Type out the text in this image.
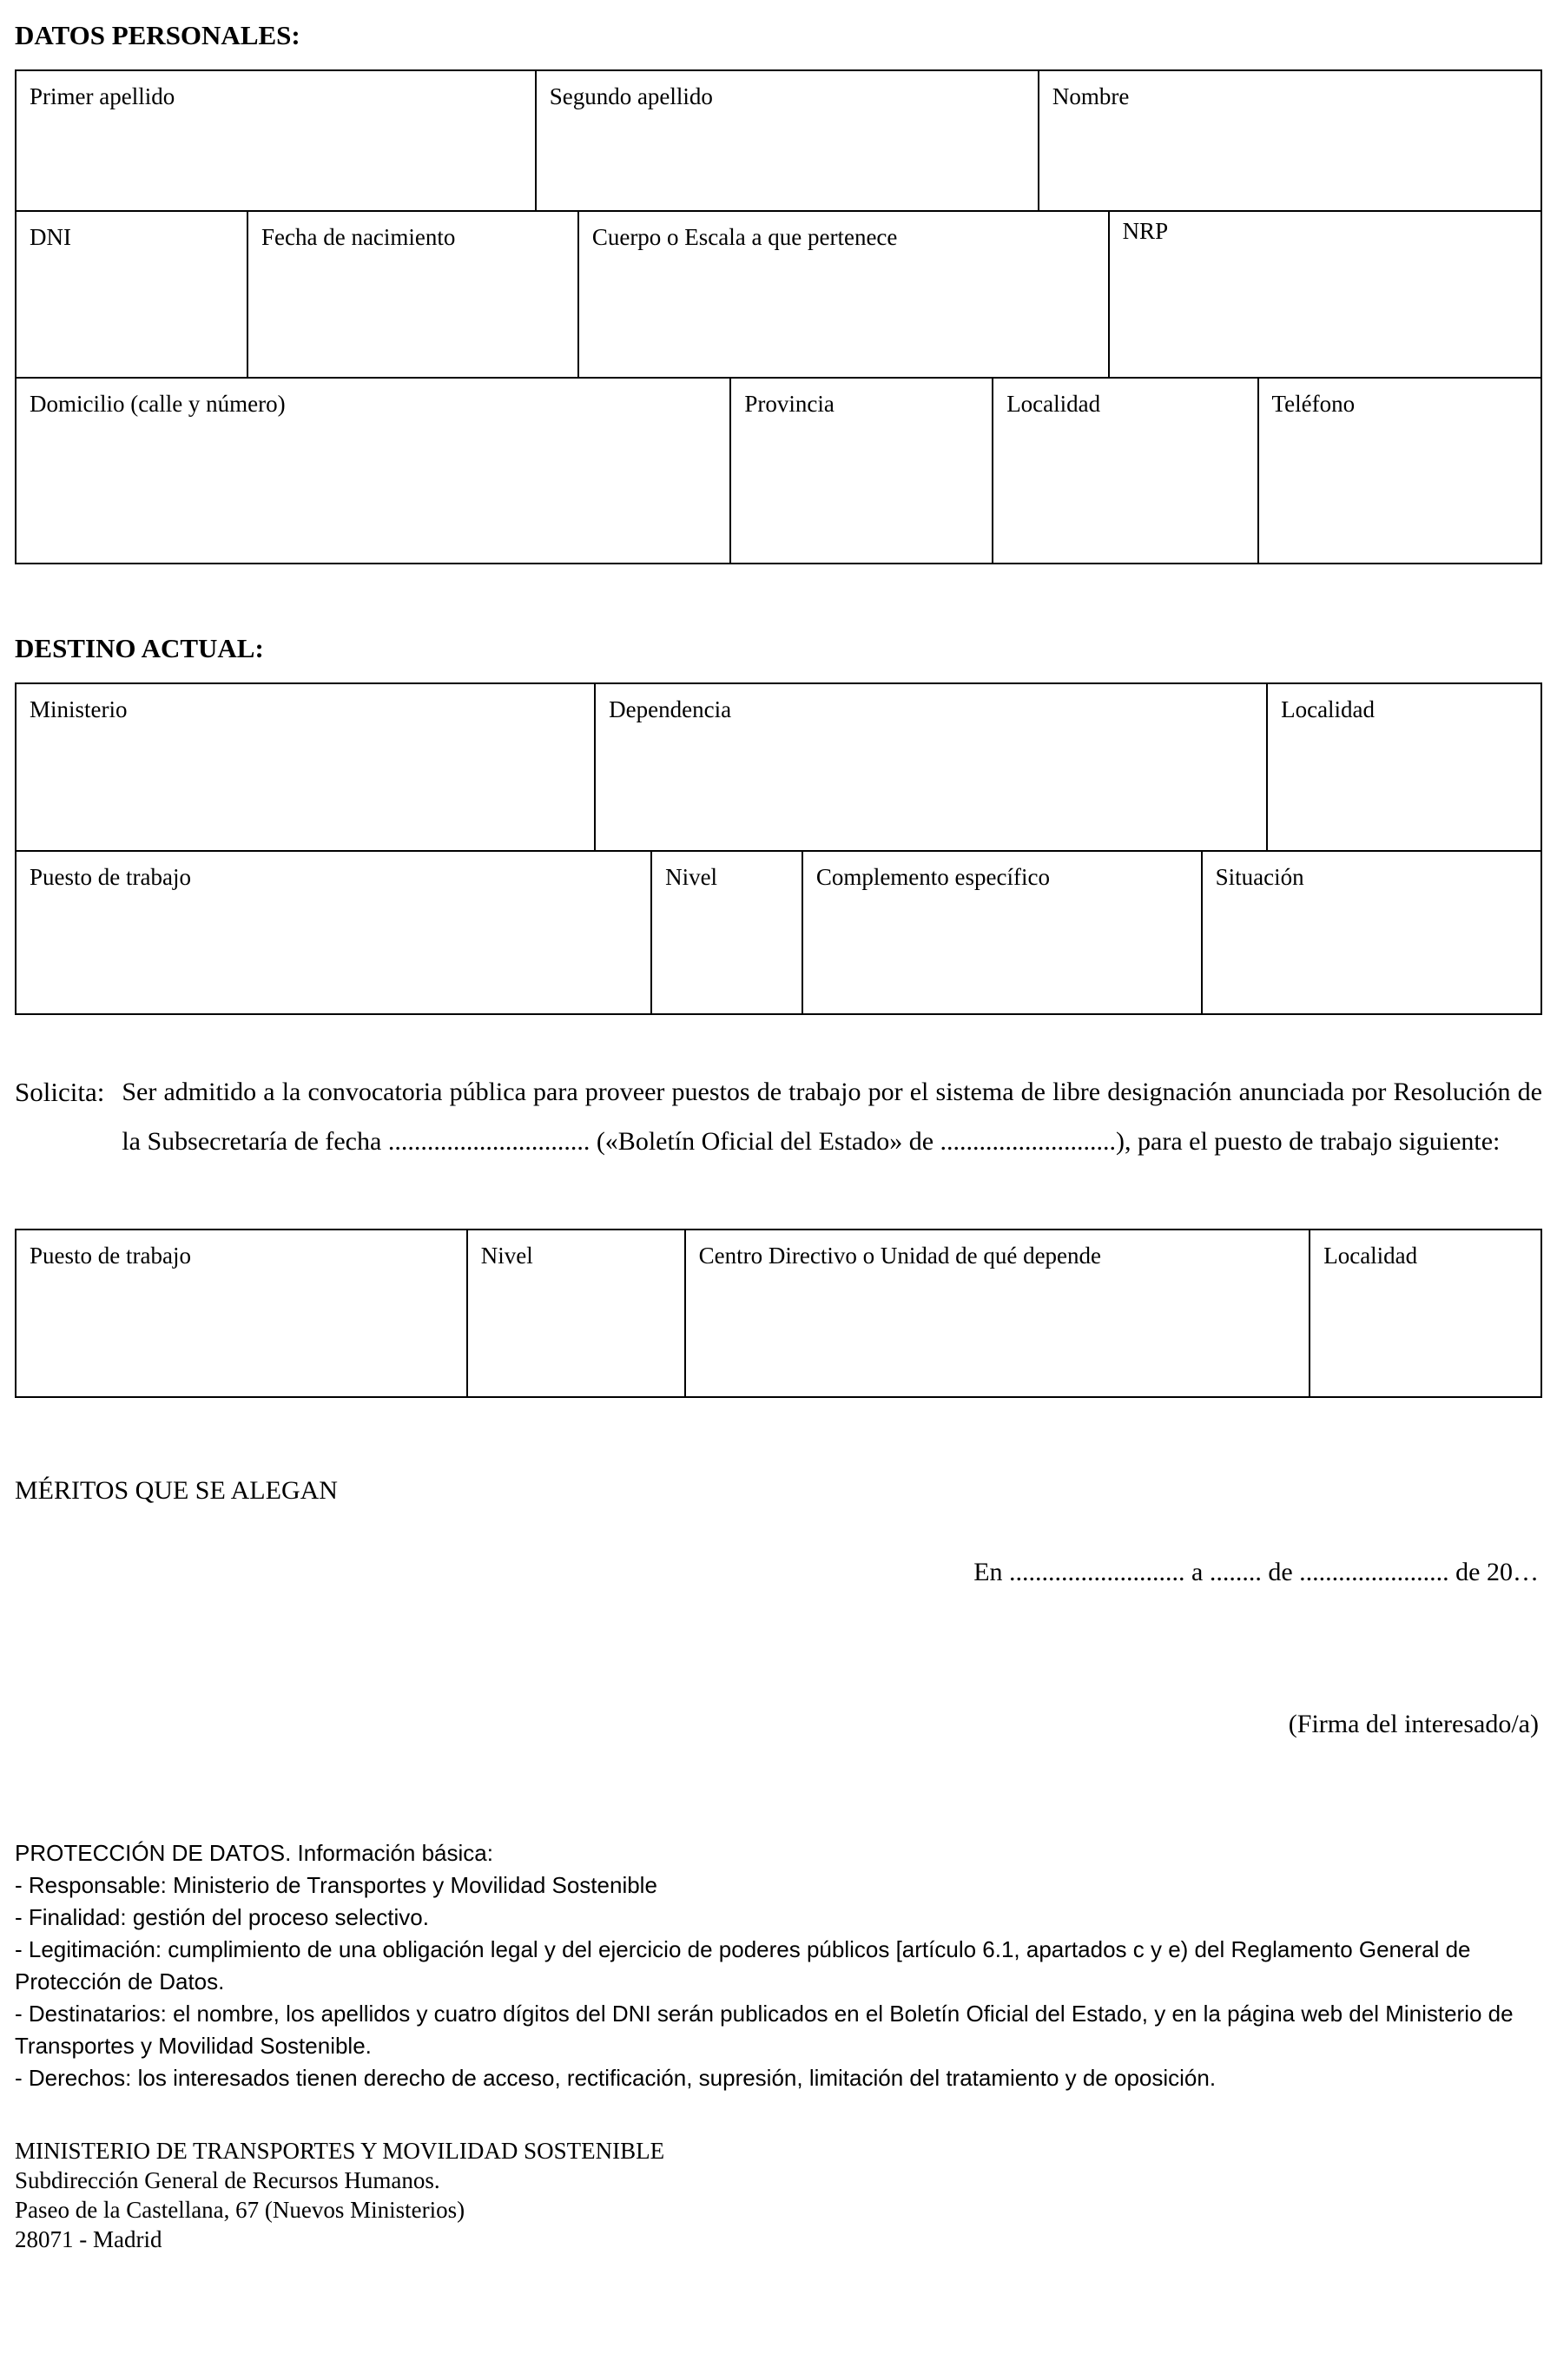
DATOS PERSONALES:
Primer apellido	Segundo apellido	Nombre
DNI	Fecha de nacimiento	Cuerpo o Escala a que pertenece	NRP
Domicilio (calle y número)	Provincia	Localidad	Teléfono
DESTINO ACTUAL:
Ministerio	Dependencia	Localidad
Puesto de trabajo	Nivel	Complemento específico	Situación
Solicita: Ser admitido a la convocatoria pública para proveer puestos de trabajo por el sistema de libre designación anunciada por Resolución de la Subsecretaría de fecha ............................... («Boletín Oficial del Estado» de ...........................), para el puesto de trabajo siguiente:

Puesto de trabajo	Nivel	Centro Directivo o Unidad de qué depende	Localidad
MÉRITOS QUE SE ALEGAN
En ........................... a ........ de ....................... de 20…
(Firma del interesado/a)
PROTECCIÓN DE DATOS. Información básica:
- Responsable: Ministerio de Transportes y Movilidad Sostenible
- Finalidad: gestión del proceso selectivo.
- Legitimación: cumplimiento de una obligación legal y del ejercicio de poderes públicos [artículo 6.1, apartados c y e) del Reglamento General de Protección de Datos.
- Destinatarios: el nombre, los apellidos y cuatro dígitos del DNI serán publicados en el Boletín Oficial del Estado, y en la página web del Ministerio de Transportes y Movilidad Sostenible.
- Derechos: los interesados tienen derecho de acceso, rectificación, supresión, limitación del tratamiento y de oposición.
MINISTERIO DE TRANSPORTES Y MOVILIDAD SOSTENIBLE
Subdirección General de Recursos Humanos.
Paseo de la Castellana, 67 (Nuevos Ministerios)
28071 - Madrid
